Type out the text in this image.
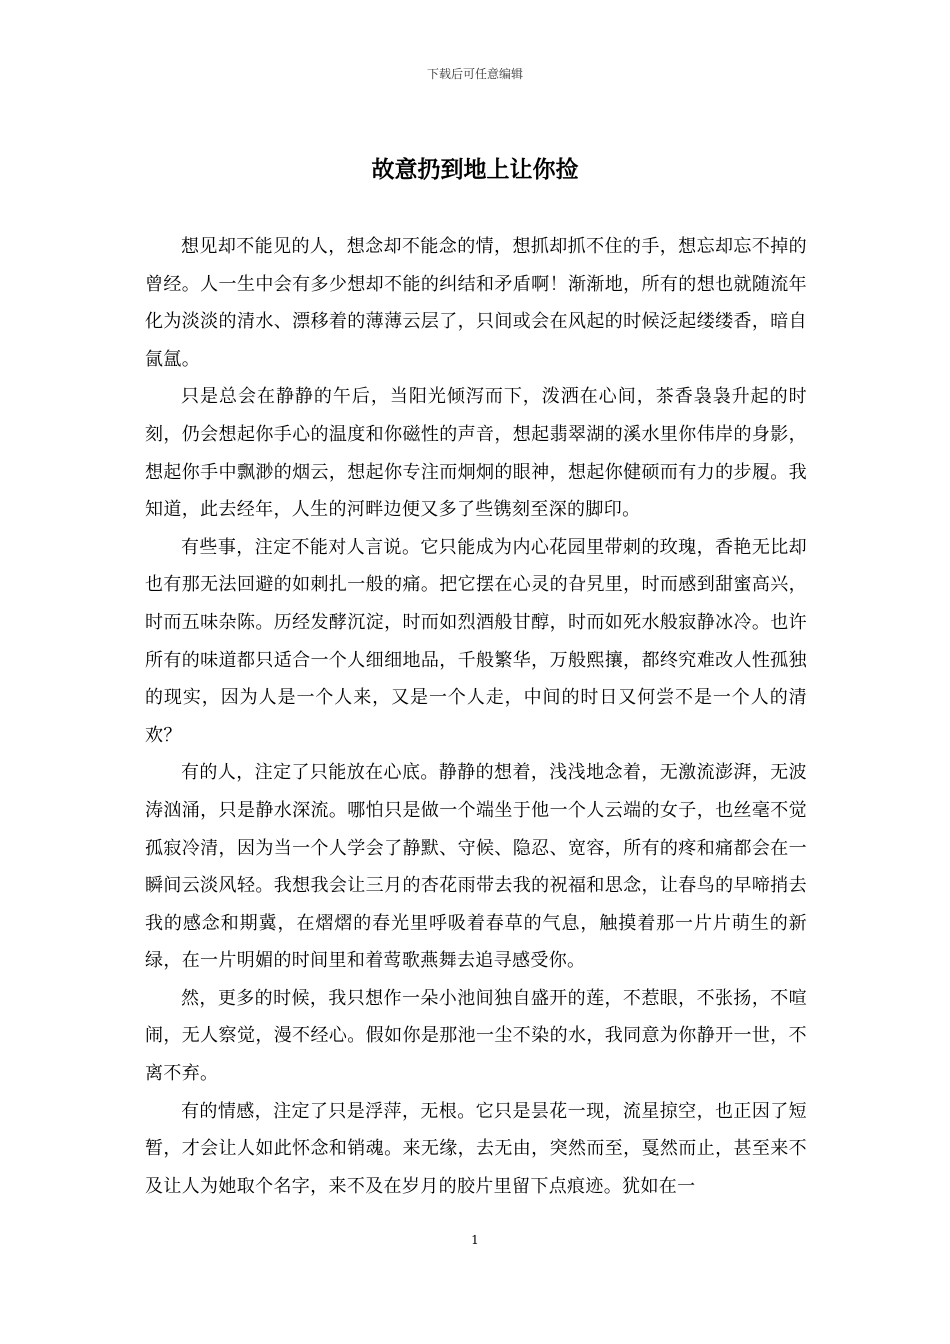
下载后可任意编辑
故意扔到地上让你捡

想见却不能见的人，想念却不能念的情，想抓却抓不住的手，想忘却忘不掉的曾经。人一生中会有多少想却不能的纠结和矛盾啊！渐渐地，所有的想也就随流年化为淡淡的清水、漂移着的薄薄云层了，只间或会在风起的时候泛起缕缕香，暗自氤氲。

只是总会在静静的午后，当阳光倾泻而下，泼洒在心间，茶香袅袅升起的时刻，仍会想起你手心的温度和你磁性的声音，想起翡翠湖的溪水里你伟岸的身影，想起你手中飘渺的烟云，想起你专注而炯炯的眼神，想起你健硕而有力的步履。我知道，此去经年，人生的河畔边便又多了些镌刻至深的脚印。

有些事，注定不能对人言说。它只能成为内心花园里带刺的玫瑰，香艳无比却也有那无法回避的如刺扎一般的痛。把它摆在心灵的旮旯里，时而感到甜蜜高兴，时而五味杂陈。历经发酵沉淀，时而如烈酒般甘醇，时而如死水般寂静冰冷。也许所有的味道都只适合一个人细细地品，千般繁华，万般熙攘，都终究难改人性孤独的现实，因为人是一个人来，又是一个人走，中间的时日又何尝不是一个人的清欢？

有的人，注定了只能放在心底。静静的想着，浅浅地念着，无激流澎湃，无波涛汹涌，只是静水深流。哪怕只是做一个端坐于他一个人云端的女子，也丝毫不觉孤寂冷清，因为当一个人学会了静默、守候、隐忍、宽容，所有的疼和痛都会在一瞬间云淡风轻。我想我会让三月的杏花雨带去我的祝福和思念，让春鸟的早啼捎去我的感念和期冀，在熠熠的春光里呼吸着春草的气息，触摸着那一片片萌生的新绿，在一片明媚的时间里和着莺歌燕舞去追寻感受你。

然，更多的时候，我只想作一朵小池间独自盛开的莲，不惹眼，不张扬，不喧闹，无人察觉，漫不经心。假如你是那池一尘不染的水，我同意为你静开一世，不离不弃。

有的情感，注定了只是浮萍，无根。它只是昙花一现，流星掠空，也正因了短暂，才会让人如此怀念和销魂。来无缘，去无由，突然而至，戛然而止，甚至来不及让人为她取个名字，来不及在岁月的胶片里留下点痕迹。犹如在一

1
